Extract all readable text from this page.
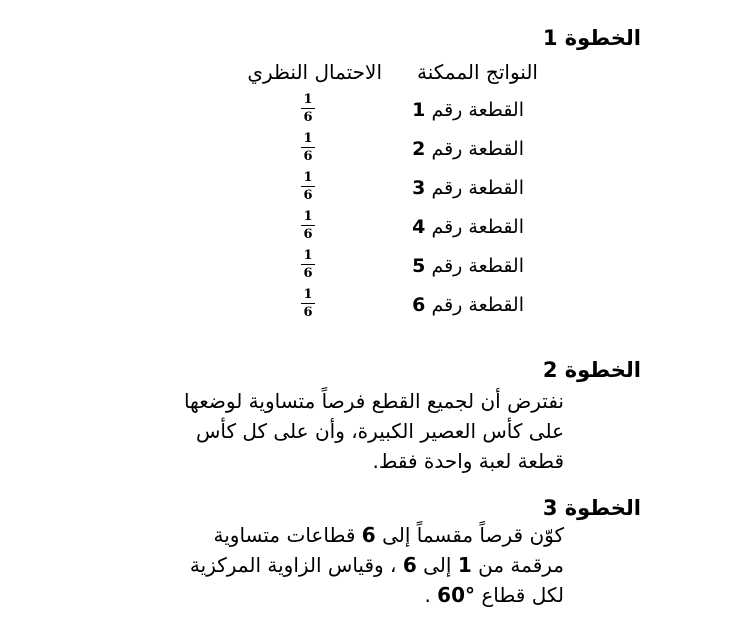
الخطوة 1
النواتج الممكنة
الاحتمال النظري
القطعة رقم 1
القطعة رقم 2
القطعة رقم 3
القطعة رقم 4
القطعة رقم 5
القطعة رقم 6
1
6
1
6
1
6
1
6
1
6
1
6
الخطوة 2
نفترض أن لجميع القطع فرصاً متساوية لوضعها
على كأس العصير الكبيرة، وأن على كل كأس
قطعة لعبة واحدة فقط.
الخطوة 3
كوّن قرصاً مقسماً إلى 6 قطاعات متساوية
مرقمة من 1 إلى 6 ، وقياس الزاوية المركزية
لكل قطاع 60° .
